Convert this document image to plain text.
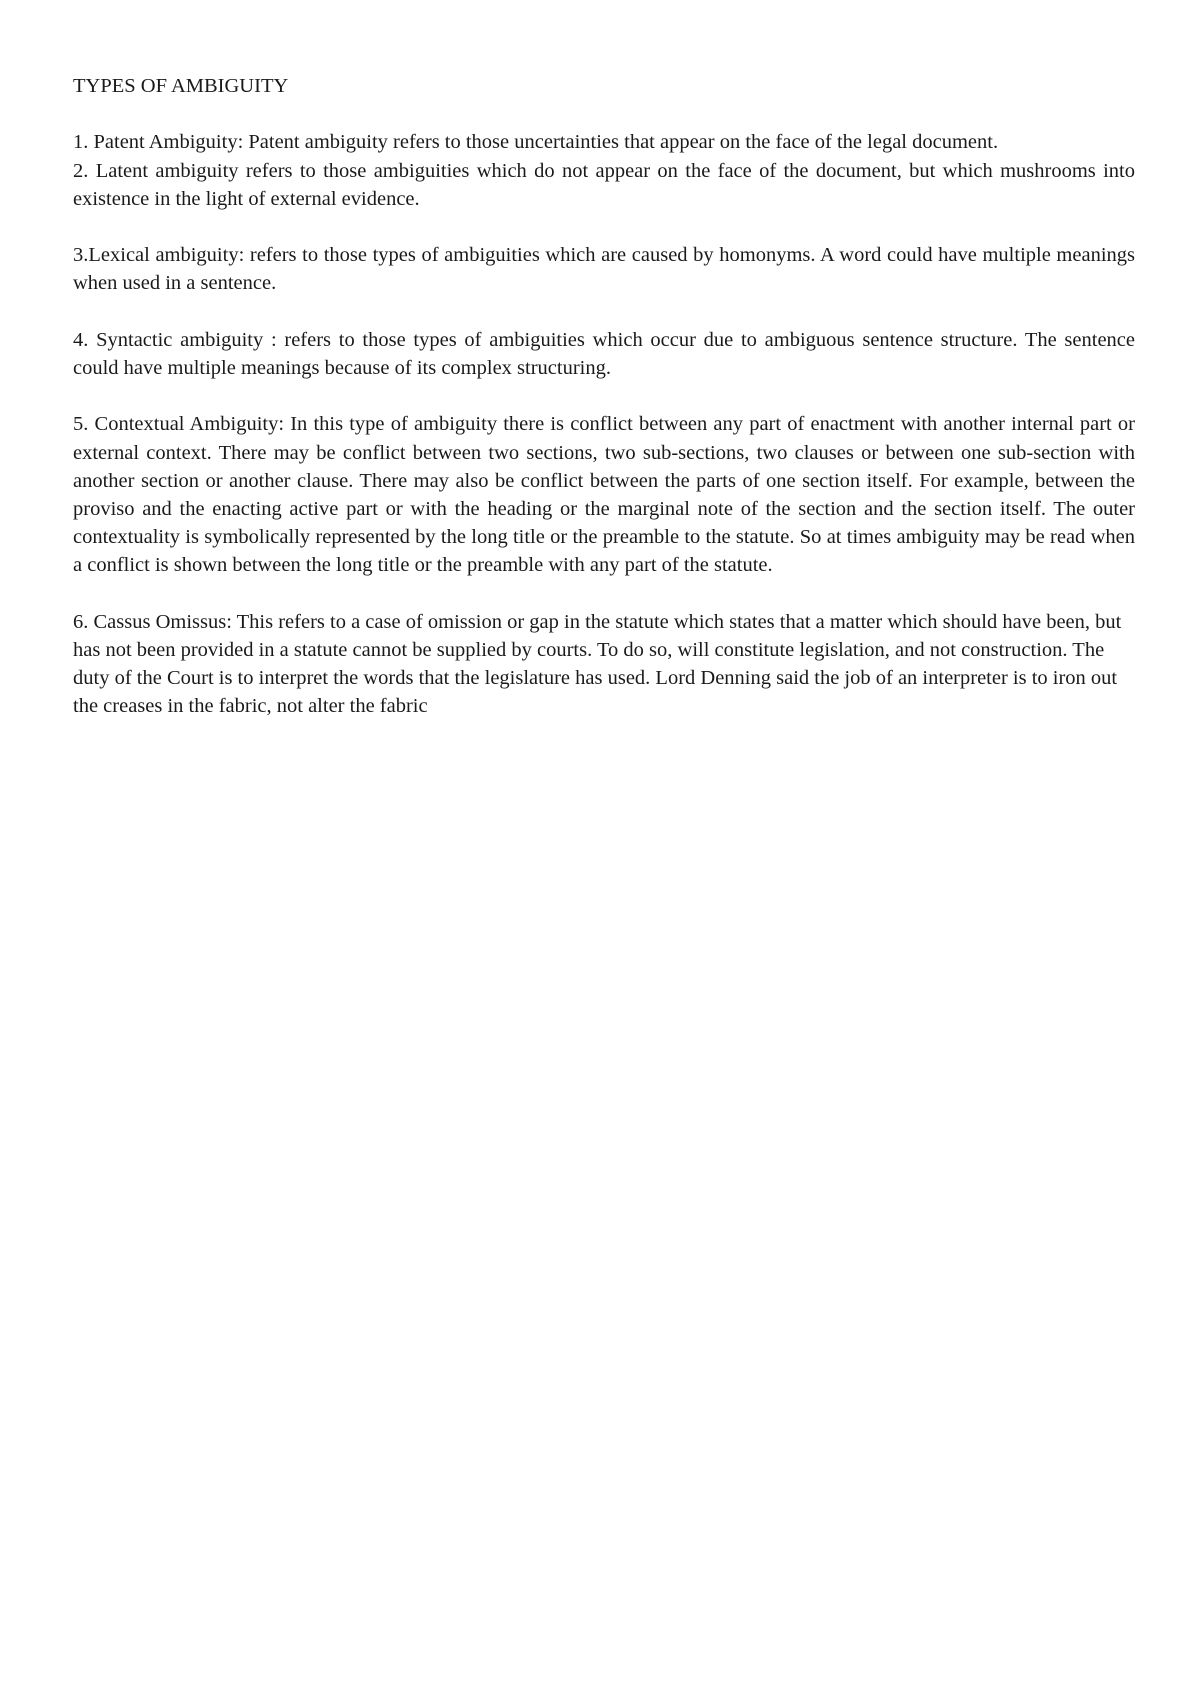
TYPES OF AMBIGUITY

1. Patent Ambiguity: Patent ambiguity refers to those uncertainties that appear on the face of the legal document.

2. Latent ambiguity refers to those ambiguities which do not appear on the face of the document, but which mushrooms into existence in the light of external evidence.

3.Lexical ambiguity: refers to those types of ambiguities which are caused by homonyms. A word could have multiple meanings when used in a sentence.

4. Syntactic ambiguity : refers to those types of ambiguities which occur due to ambiguous sentence structure. The sentence could have multiple meanings because of its complex structuring.

5. Contextual Ambiguity: In this type of ambiguity there is conflict between any part of enactment with another internal part or external context. There may be conflict between two sections, two sub-sections, two clauses or between one sub-section with another section or another clause. There may also be conflict between the parts of one section itself. For example, between the proviso and the enacting active part or with the heading or the marginal note of the section and the section itself. The outer contextuality is symbolically represented by the long title or the preamble to the statute. So at times ambiguity may be read when a conflict is shown between the long title or the preamble with any part of the statute.

6. Cassus Omissus: This refers to a case of omission or gap in the statute which states that a matter which should have been, but has not been provided in a statute cannot be supplied by courts. To do so, will constitute legislation, and not construction. The duty of the Court is to interpret the words that the legislature has used. Lord Denning said the job of an interpreter is to iron out the creases in the fabric, not alter the fabric
